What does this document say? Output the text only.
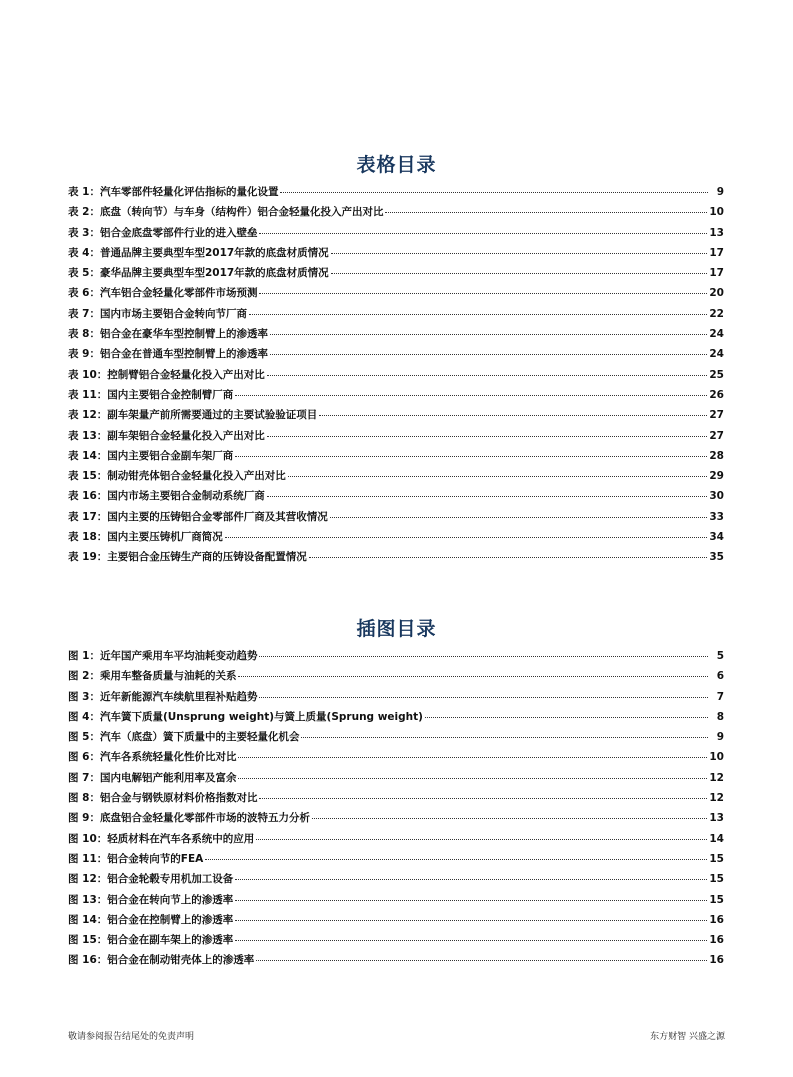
表格目录
表 1：汽车零部件轻量化评估指标的量化设置	9
表 2：底盘（转向节）与车身（结构件）铝合金轻量化投入产出对比	10
表 3：铝合金底盘零部件行业的进入壁垒	13
表 4：普通品牌主要典型车型2017年款的底盘材质情况	17
表 5：豪华品牌主要典型车型2017年款的底盘材质情况	17
表 6：汽车铝合金轻量化零部件市场预测	20
表 7：国内市场主要铝合金转向节厂商	22
表 8：铝合金在豪华车型控制臂上的渗透率	24
表 9：铝合金在普通车型控制臂上的渗透率	24
表 10：控制臂铝合金轻量化投入产出对比	25
表 11：国内主要铝合金控制臂厂商	26
表 12：副车架量产前所需要通过的主要试验验证项目	27
表 13：副车架铝合金轻量化投入产出对比	27
表 14：国内主要铝合金副车架厂商	28
表 15：制动钳壳体铝合金轻量化投入产出对比	29
表 16：国内市场主要铝合金制动系统厂商	30
表 17：国内主要的压铸铝合金零部件厂商及其营收情况	33
表 18：国内主要压铸机厂商简况	34
表 19：主要铝合金压铸生产商的压铸设备配置情况	35
插图目录
图 1：近年国产乘用车平均油耗变动趋势	5
图 2：乘用车整备质量与油耗的关系	6
图 3：近年新能源汽车续航里程补贴趋势	7
图 4：汽车簧下质量(Unsprung weight)与簧上质量(Sprung weight)	8
图 5：汽车（底盘）簧下质量中的主要轻量化机会	9
图 6：汽车各系统轻量化性价比对比	10
图 7：国内电解铝产能利用率及富余	12
图 8：铝合金与钢铁原材料价格指数对比	12
图 9：底盘铝合金轻量化零部件市场的波特五力分析	13
图 10：轻质材料在汽车各系统中的应用	14
图 11：铝合金转向节的FEA	15
图 12：铝合金轮毂专用机加工设备	15
图 13：铝合金在转向节上的渗透率	15
图 14：铝合金在控制臂上的渗透率	16
图 15：铝合金在副车架上的渗透率	16
图 16：铝合金在制动钳壳体上的渗透率	16
敬请参阅报告结尾处的免责声明	东方财智 兴盛之源
